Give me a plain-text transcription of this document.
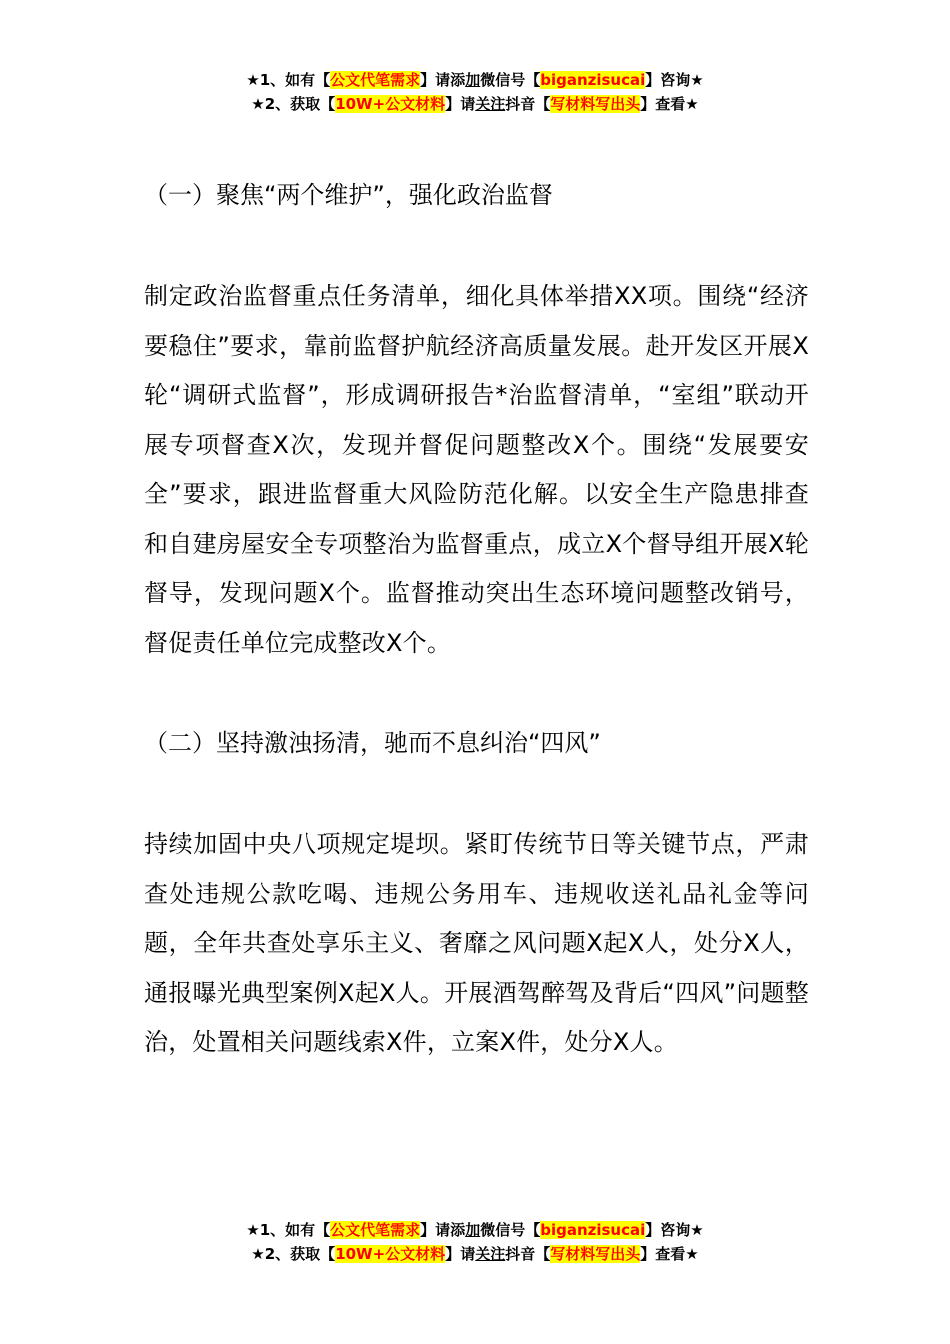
★1、如有【公文代笔需求】请添加微信号【biganzisucai】咨询★
★2、获取【10W+公文材料】请关注抖音【写材料写出头】查看★
（一）聚焦“两个维护”，强化政治监督

制定政治监督重点任务清单，细化具体举措XX项。围绕“经济要稳住”要求，靠前监督护航经济高质量发展。赴开发区开展X轮“调研式监督”，形成调研报告*治监督清单，“室组”联动开展专项督查X次，发现并督促问题整改X个。围绕“发展要安全”要求，跟进监督重大风险防范化解。以安全生产隐患排查和自建房屋安全专项整治为监督重点，成立X个督导组开展X轮督导，发现问题X个。监督推动突出生态环境问题整改销号，督促责任单位完成整改X个。

（二）坚持激浊扬清，驰而不息纠治“四风”

持续加固中央八项规定堤坝。紧盯传统节日等关键节点，严肃查处违规公款吃喝、违规公务用车、违规收送礼品礼金等问题，全年共查处享乐主义、奢靡之风问题X起X人，处分X人，通报曝光典型案例X起X人。开展酒驾醉驾及背后“四风”问题整治，处置相关问题线索X件，立案X件，处分X人。

★1、如有【公文代笔需求】请添加微信号【biganzisucai】咨询★
★2、获取【10W+公文材料】请关注抖音【写材料写出头】查看★
